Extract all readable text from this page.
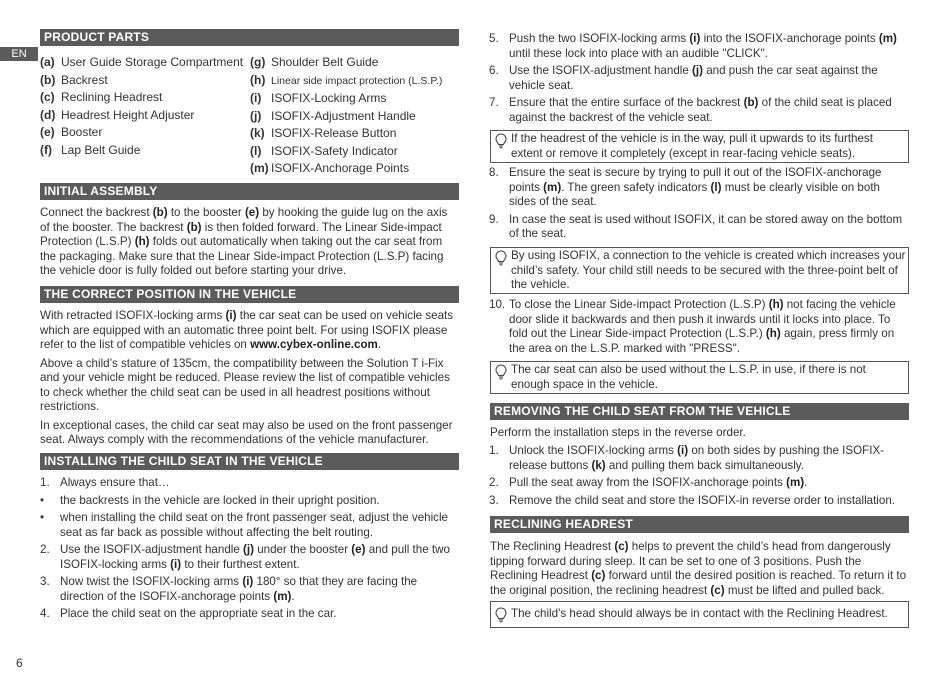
EN
PRODUCT PARTS
(a) User Guide Storage Compartment
(b) Backrest
(c) Reclining Headrest
(d) Headrest Height Adjuster
(e) Booster
(f) Lap Belt Guide
(g) Shoulder Belt Guide
(h) Linear side impact protection (L.S.P.)
(i) ISOFIX-Locking Arms
(j) ISOFIX-Adjustment Handle
(k) ISOFIX-Release Button
(l) ISOFIX-Safety Indicator
(m) ISOFIX-Anchorage Points
INITIAL ASSEMBLY
Connect the backrest (b) to the booster (e) by hooking the guide lug on the axis of the booster. The backrest (b) is then folded forward. The Linear Side-impact Protection (L.S.P) (h) folds out automatically when taking out the car seat from the packaging. Make sure that the Linear Side-impact Protection (L.S.P) facing the vehicle door is fully folded out before starting your drive.
THE CORRECT POSITION IN THE VEHICLE

With retracted ISOFIX-locking arms (i) the car seat can be used on vehicle seats which are equipped with an automatic three point belt. For using ISOFIX please refer to the list of compatible vehicles on www.cybex-online.com.

Above a child’s stature of 135cm, the compatibility between the Solution T i-Fix and your vehicle might be reduced. Please review the list of compatible vehicles to check whether the child seat can be used in all headrest positions without restrictions.

In exceptional cases, the child car seat may also be used on the front passenger seat. Always comply with the recommendations of the vehicle manufacturer.

INSTALLING THE CHILD SEAT IN THE VEHICLE
1. Always ensure that…
• the backrests in the vehicle are locked in their upright position.
• when installing the child seat on the front passenger seat, adjust the vehicle seat as far back as possible without affecting the belt routing.
2. Use the ISOFIX-adjustment handle (j) under the booster (e) and pull the two ISOFIX-locking arms (i) to their furthest extent.
3. Now twist the ISOFIX-locking arms (i) 180° so that they are facing the direction of the ISOFIX-anchorage points (m).
4. Place the child seat on the appropriate seat in the car.
5. Push the two ISOFIX-locking arms (i) into the ISOFIX-anchorage points (m) until these lock into place with an audible "CLICK".
6. Use the ISOFIX-adjustment handle (j) and push the car seat against the vehicle seat.
7. Ensure that the entire surface of the backrest (b) of the child seat is placed against the backrest of the vehicle seat.
If the headrest of the vehicle is in the way, pull it upwards to its furthest extent or remove it completely (except in rear-facing vehicle seats).
8. Ensure the seat is secure by trying to pull it out of the ISOFIX-anchorage points (m). The green safety indicators (l) must be clearly visible on both sides of the seat.
9. In case the seat is used without ISOFIX, it can be stored away on the bottom of the seat.
By using ISOFIX, a connection to the vehicle is created which increases your child’s safety. Your child still needs to be secured with the three-point belt of the vehicle.
10. To close the Linear Side-impact Protection (L.S.P) (h) not facing the vehicle door slide it backwards and then push it inwards until it locks into place. To fold out the Linear Side-impact Protection (L.S.P.) (h) again, press firmly on the area on the L.S.P. marked with "PRESS".
The car seat can also be used without the L.S.P. in use, if there is not enough space in the vehicle.
REMOVING THE CHILD SEAT FROM THE VEHICLE
Perform the installation steps in the reverse order.
1. Unlock the ISOFIX-locking arms (i) on both sides by pushing the ISOFIX-release buttons (k) and pulling them back simultaneously.
2. Pull the seat away from the ISOFIX-anchorage points (m).
3. Remove the child seat and store the ISOFIX-in reverse order to installation.
RECLINING HEADREST
The Reclining Headrest (c) helps to prevent the child’s head from dangerously tipping forward during sleep. It can be set to one of 3 positions. Push the Reclining Headrest (c) forward until the desired position is reached. To return it to the original position, the reclining headrest (c) must be lifted and pulled back.
The child’s head should always be in contact with the Reclining Headrest.
6
